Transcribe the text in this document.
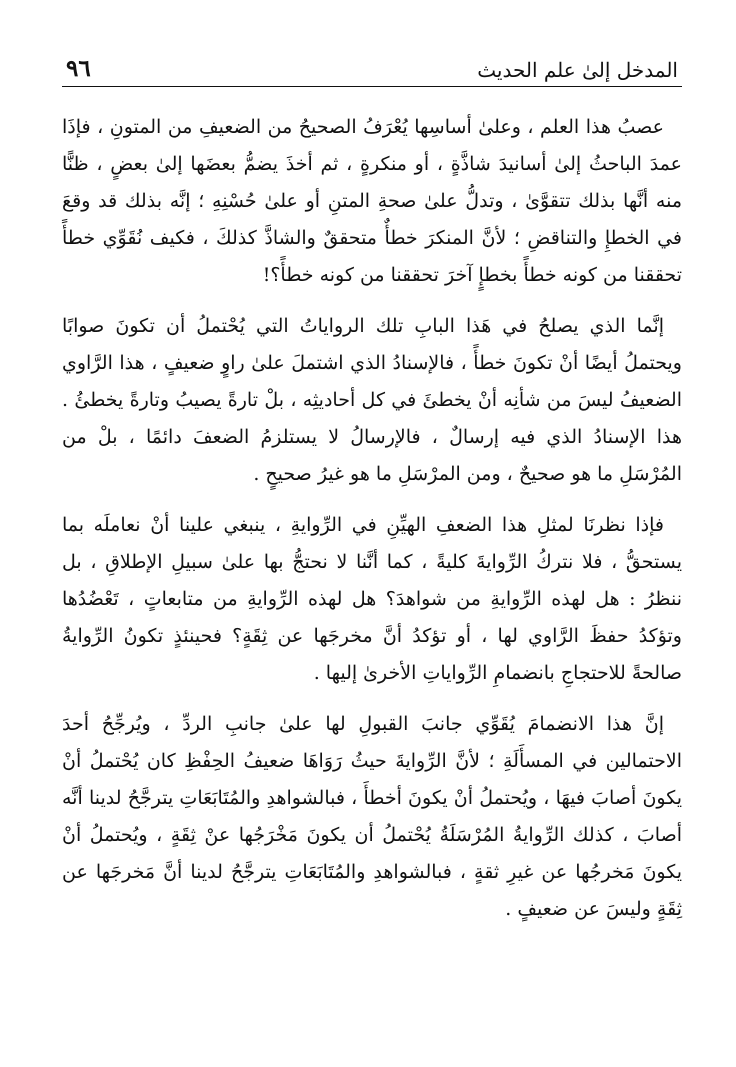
المدخل إلىٰ علم الحديث
٩٦

عصبُ هذا العلم ، وعلىٰ أساسِها يُعْرَفُ الصحيحُ من الضعيفِ من المتونِ ، فإذَا عمدَ الباحثُ إلىٰ أسانيدَ شاذَّةٍ ، أو منكرةٍ ، ثم أخذَ يضمُّ بعضَها إلىٰ بعضٍ ، ظنًّا منه أنَّها بذلك تتقوَّىٰ ، وتدلُّ علىٰ صحةِ المتنِ أو علىٰ حُسْنِهِ ؛ إنَّه بذلك قد وقعَ في الخطإِ والتناقضِ ؛ لأنَّ المنكرَ خطأٌ متحققٌ والشاذَّ كذلكَ ، فكيف نُقَوِّي خطأً تحققنا من كونه خطأً بخطإٍ آخرَ تحققنا من كونه خطأً؟!

إنَّما الذي يصلحُ في هَذا البابِ تلك الرواياتُ التي يُحْتملُ أن تكونَ صوابًا ويحتملُ أيضًا أنْ تكونَ خطأً ، فالإسنادُ الذي اشتملَ علىٰ راوٍ ضعيفٍ ، هذا الرَّاوي الضعيفُ ليسَ من شأنِه أنْ يخطئَ في كل أحاديثِه ، بلْ تارةً يصيبُ وتارةً يخطئُ . هذا الإسنادُ الذي فيه إرسالٌ ، فالإرسالُ لا يستلزمُ الضعفَ دائمًا ، بلْ من المُرْسَلِ ما هو صحيحٌ ، ومن المرْسَلِ ما هو غيرُ صحيحٍ .

فإذا نظرنَا لمثلِ هذا الضعفِ الهيِّنِ في الرِّوايةِ ، ينبغي علينا أنْ نعاملَه بما يستحقُّ ، فلا نتركُ الرِّوايةَ كليةً ، كما أنَّنا لا نحتجُّ بها علىٰ سبيلِ الإطلاقِ ، بل ننظرُ : هل لهذه الرِّوايةِ من شواهدَ؟ هل لهذه الرِّوايةِ من متابعاتٍ ، تَعْضُدُها وتؤكدُ حفظَ الرَّاوي لها ، أو تؤكدُ أنَّ مخرجَها عن ثِقَةٍ؟ فحينئذٍ تكونُ الرِّوايةُ صالحةً للاحتجاجِ بانضمامِ الرِّواياتِ الأخرىٰ إليها .

إنَّ هذا الانضمامَ يُقَوِّي جانبَ القبولِ لها علىٰ جانبِ الردِّ ، ويُرجِّحُ أحدَ الاحتمالين في المسأَلَةِ ؛ لأنَّ الرِّوايةَ حيثُ رَوَاهَا ضعيفُ الحِفْظِ كان يُحْتملُ أنْ يكونَ أصابَ فيهَا ، ويُحتملُ أنْ يكونَ أخطأَ ، فبالشواهدِ والمُتَابَعَاتِ يترجَّحُ لدينا أنَّه أصابَ ، كذلك الرِّوايةُ المُرْسَلَةُ يُحْتملُ أن يكونَ مَخْرَجُها عنْ ثِقَةٍ ، ويُحتملُ أنْ يكونَ مَخرجُها عن غيرِ ثقةٍ ، فبالشواهدِ والمُتَابَعَاتِ يترجَّحُ لدينا أنَّ مَخرجَها عن ثِقَةٍ وليسَ عن ضعيفٍ .
